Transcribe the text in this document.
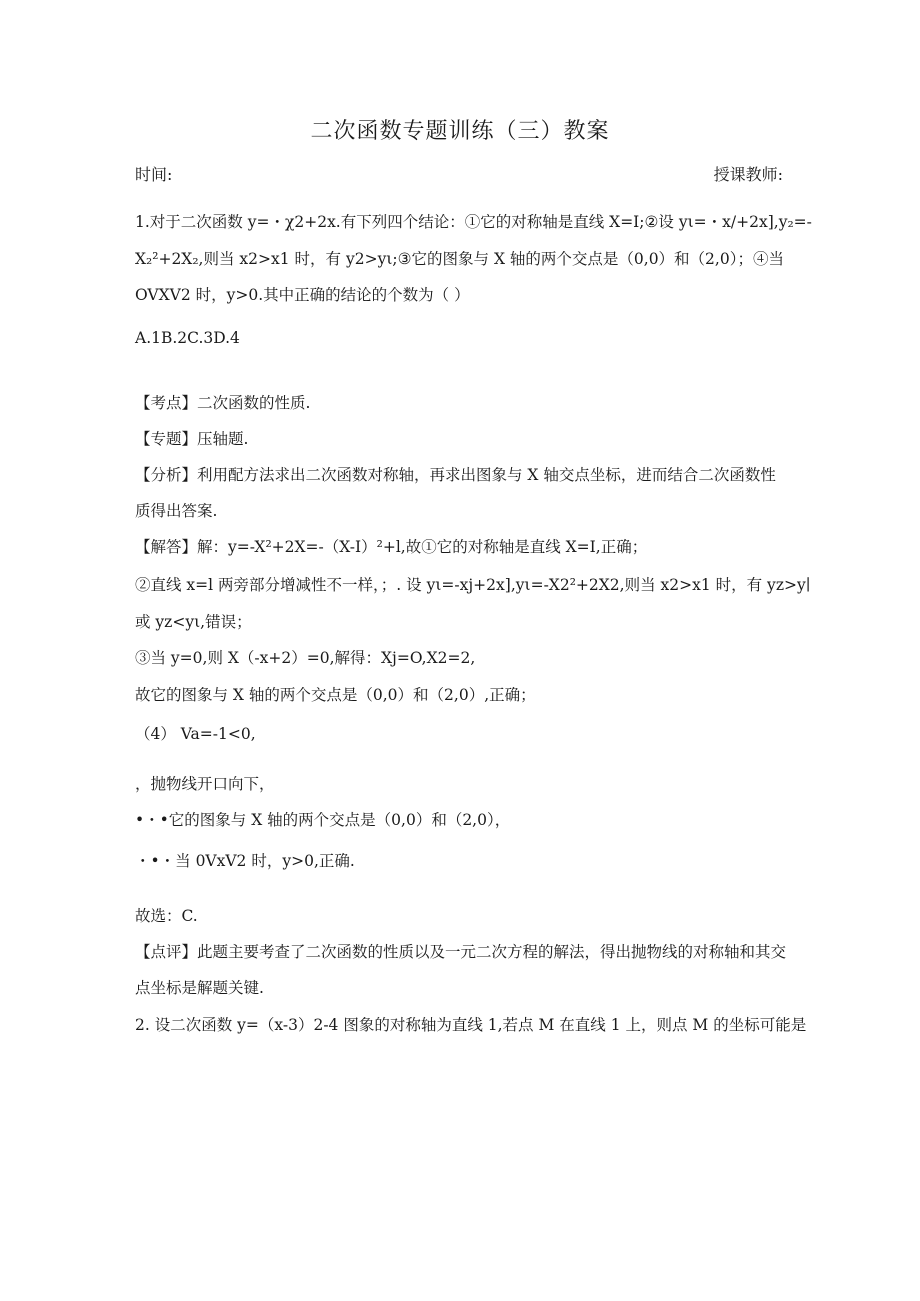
二次函数专题训练（三）教案
时间:	授课教师:
1.对于二次函数 y=・χ2+2x.有下列四个结论：①它的对称轴是直线 X=I;②设 yι=・x/+2x],y₂=-
X₂²+2X₂,则当 x2>x1 时，有 y2>yι;③它的图象与 X 轴的两个交点是（0,0）和（2,0）；④当
OVXV2 时，y>0.其中正确的结论的个数为（ ）
A.1B.2C.3D.4
【考点】二次函数的性质.
【专题】压轴题.
【分析】利用配方法求出二次函数对称轴，再求出图象与 X 轴交点坐标，进而结合二次函数性
质得出答案.
【解答】解：y=-X²+2X=-（X-I）²+l,故①它的对称轴是直线 X=I,正确；
②直线 x=l 两旁部分增减性不一样，；. 设 yι=-xj+2x],yι=-X2²+2X2,则当 x2>x1 时，有 yz>y∣
或 yz<yι,错误；
③当 y=0,则 X（-x+2）=0,解得：Xj=O,X2=2,
故它的图象与 X 轴的两个交点是（0,0）和（2,0）,正确；
（4） Va=-1<0,
，抛物线开口向下，
•・•它的图象与 X 轴的两个交点是（0,0）和（2,0），
・•・当 0VxV2 时，y>0,正确.
故选：C.
【点评】此题主要考查了二次函数的性质以及一元二次方程的解法，得出抛物线的对称轴和其交
点坐标是解题关键.
2. 设二次函数 y=（x-3）2-4 图象的对称轴为直线 1,若点 M 在直线 1 上，则点 M 的坐标可能是
